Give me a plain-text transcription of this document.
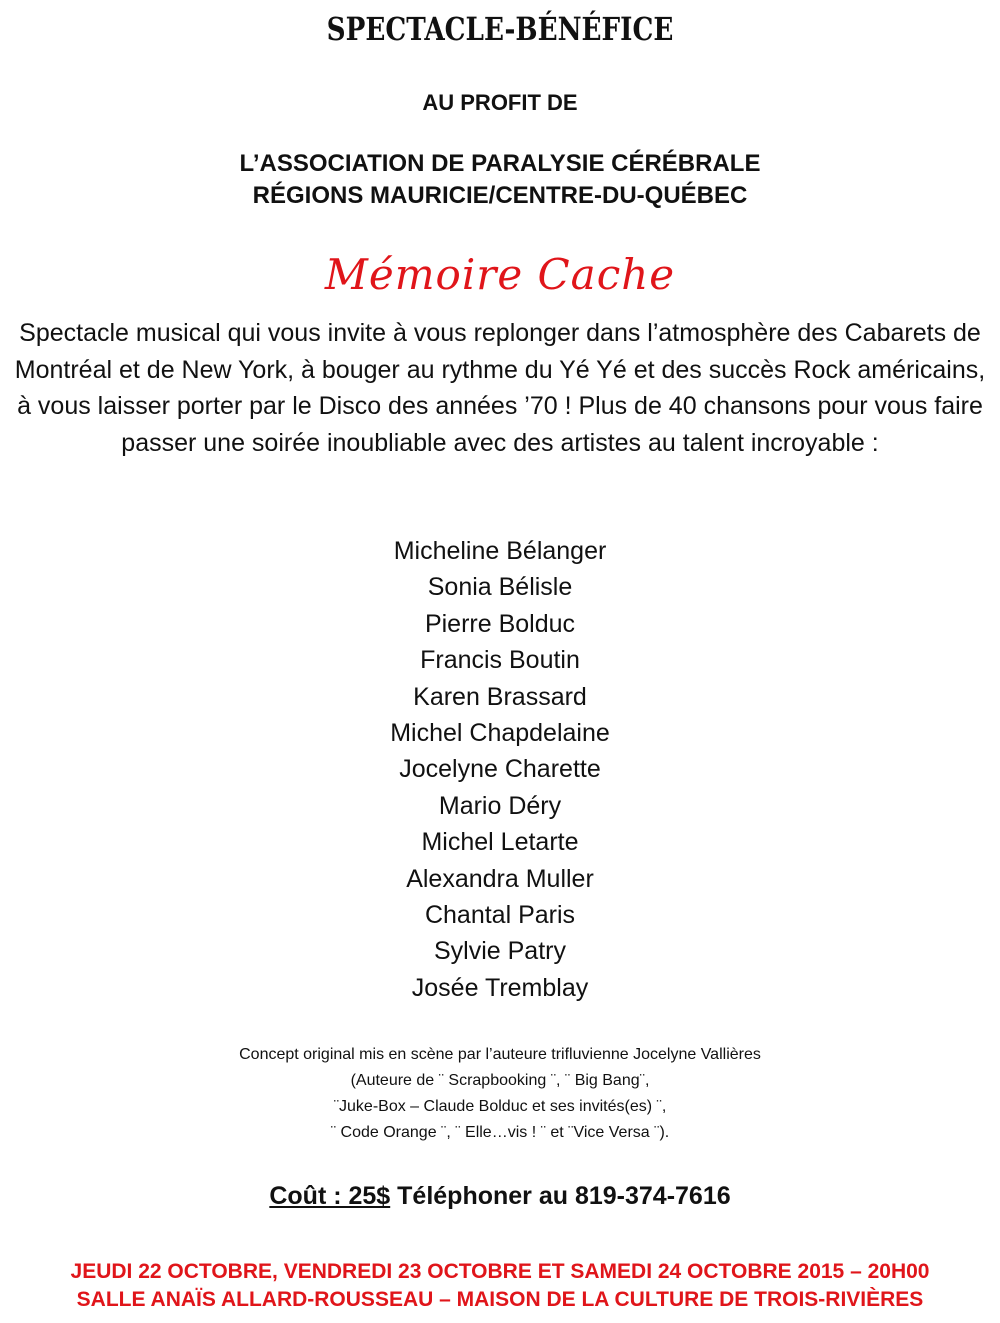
SPECTACLE-BÉNÉFICE
AU PROFIT DE
L’ASSOCIATION DE PARALYSIE CÉRÉBRALE
RÉGIONS MAURICIE/CENTRE-DU-QUÉBEC
Mémoire Cache

Spectacle musical qui vous invite à vous replonger dans l’atmosphère des Cabarets de Montréal et de New York, à bouger au rythme du Yé Yé et des succès Rock américains, à vous laisser porter par le Disco des années ’70 ! Plus de 40 chansons pour vous faire passer une soirée inoubliable avec des artistes au talent incroyable :

Micheline Bélanger
Sonia Bélisle
Pierre Bolduc
Francis Boutin
Karen Brassard
Michel Chapdelaine
Jocelyne Charette
Mario Déry
Michel Letarte
Alexandra Muller
Chantal Paris
Sylvie Patry
Josée Tremblay
Concept original mis en scène par l’auteure trifluvienne Jocelyne Vallières
(Auteure de ¨ Scrapbooking ¨, ¨ Big Bang¨,
¨Juke-Box – Claude Bolduc et ses invités(es) ¨,
¨ Code Orange ¨, ¨ Elle…vis ! ¨ et ¨Vice Versa ¨).
Coût : 25$ Téléphoner au 819-374-7616
JEUDI 22 OCTOBRE, VENDREDI 23 OCTOBRE ET SAMEDI 24 OCTOBRE 2015 – 20H00
SALLE ANAÏS ALLARD-ROUSSEAU – MAISON DE LA CULTURE DE TROIS-RIVIÈRES
